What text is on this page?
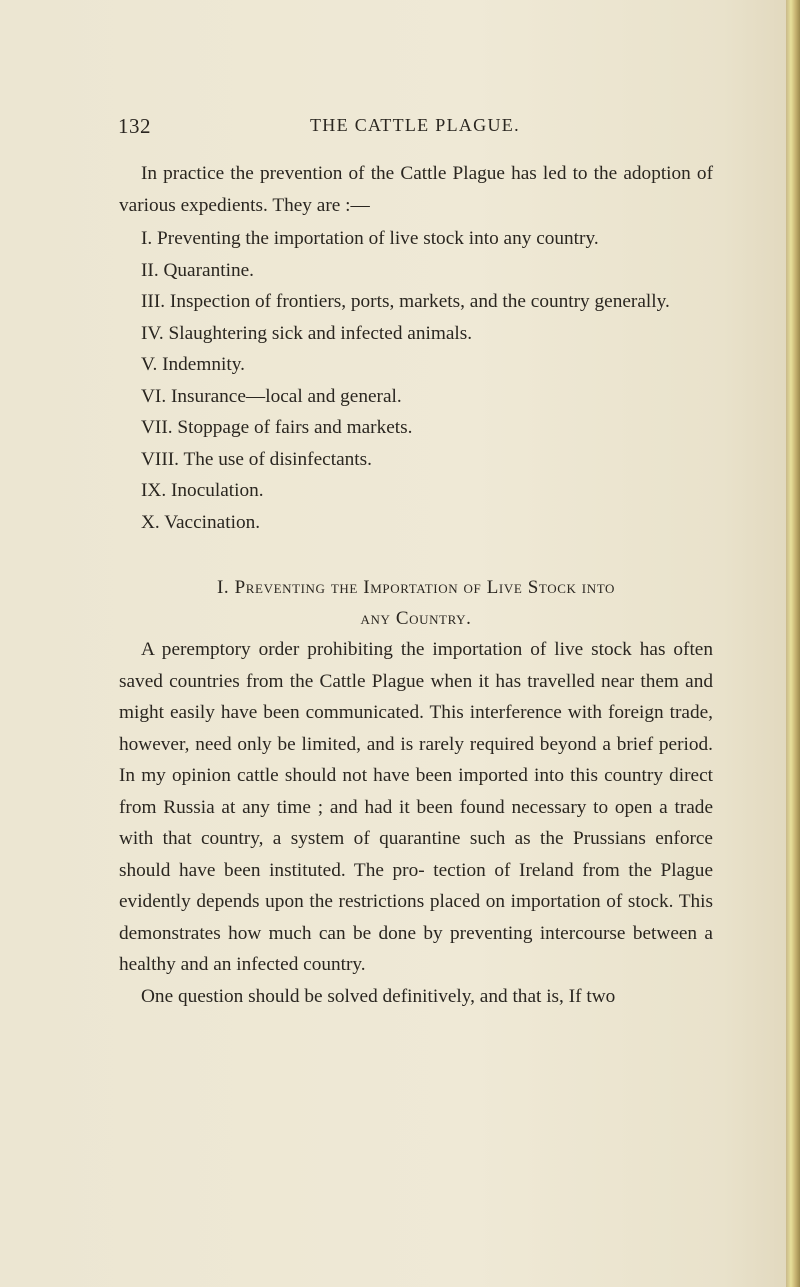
132	THE CATTLE PLAGUE.

In practice the prevention of the Cattle Plague has led to the adoption of various expedients. They are :—

I. Preventing the importation of live stock into any country.

II. Quarantine.

III. Inspection of frontiers, ports, markets, and the country generally.

IV. Slaughtering sick and infected animals.

V. Indemnity.

VI. Insurance—local and general.

VII. Stoppage of fairs and markets.

VIII. The use of disinfectants.

IX. Inoculation.

X. Vaccination.

I. Preventing the Importation of Live Stock into
any Country.

A peremptory order prohibiting the importation of live stock has often saved countries from the Cattle Plague when it has travelled near them and might easily have been communicated. This interference with foreign trade, however, need only be limited, and is rarely required beyond a brief period. In my opinion cattle should not have been imported into this country direct from Russia at any time ; and had it been found necessary to open a trade with that country, a system of quarantine such as the Prussians enforce should have been instituted. The pro- tection of Ireland from the Plague evidently depends upon the restrictions placed on importation of stock. This demonstrates how much can be done by preventing intercourse between a healthy and an infected country.

One question should be solved definitively, and that is, If two
